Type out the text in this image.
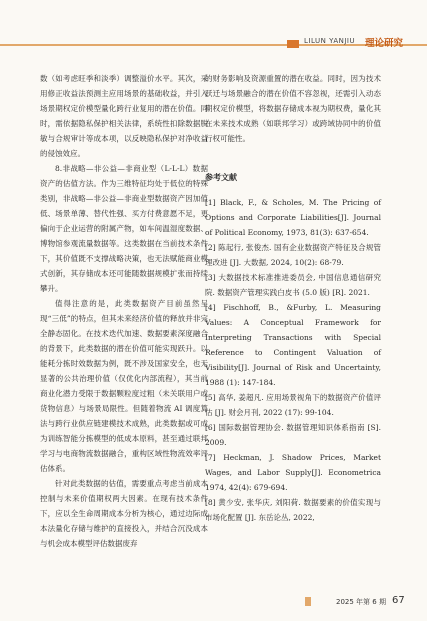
LILUN YANJIU 理论研究

数（如考虑旺季和淡季）调整溢价水平。其次，采用修正收益法预测主应用场景的基础收益，并引入场景期权定价模型量化跨行业复用的潜在价值。同时，需依据隐私保护相关法律，系统性扣除数据脱敏与合规审计等成本项，以反映隐私保护对净收益的侵蚀效应。

8.非战略—非公益—非商业型（L-L-L）数据资产的估值方法。作为三维特征均处于低位的特殊类别，非战略—非公益—非商业型数据资产因加值低、场景单薄、替代性强、买方付费意愿不足，更偏向于企业运营的附属产物，如车间温湿度数据、博物馆参观流量数据等。这类数据在当前技术条件下，其价值既不支撑战略决策，也无法赋能商业模式创新，其存储成本还可能随数据规模扩张而持续攀升。

值得注意的是，此类数据资产目前虽然呈现“三低”的特点，但其未来经济价值的释放并非完全静态固化。在技术迭代加速、数据要素深度融合的背景下，此类数据的潜在价值可能实现跃升。以能耗分拣时效数据为例，既不涉及国家安全，也无显著的公共治理价值（仅优化内部流程），其当前商业化潜力受限于数据颗粒度过粗（未关联用户或货物信息）与场景局限性。但随着物流 AI 调度算法与跨行业供应链建模技术成熟，此类数据或可成为训练智能分拣模型的低成本原料，甚至通过联邦学习与电商物流数据融合，重构区域性物流效率评估体系。

针对此类数据的估值，需要重点考虑当前成本控制与未来价值期权两大因素。在现有技术条件下，应以全生命周期成本分析为核心，通过边际成本法量化存储与维护的直接投入，并结合沉没成本与机会成本模型评估数据废弃

的财务影响及资源重置的潜在收益。同时，因为技术跃迁与场景融合的潜在价值不容忽视，还需引入动态期权定价模型，将数据存储成本视为期权费，量化其在未来技术成熟（如联邦学习）或跨域协同中的价值行权可能性。

参考文献

[1] Black, F., & Scholes, M. The Pricing of Options and Corporate Liabilities[J]. Journal of Political Economy, 1973, 81(3): 637-654.

[2] 陈起行, 张俊杰. 国有企业数据资产特征及合规管理改进 [J]. 大数据, 2024, 10(2): 68-79.

[3] 大数据技术标准推进委员会, 中国信息通信研究院. 数据资产管理实践白皮书 (5.0 版) [R]. 2021.

[4] Fischhoff, B., &Furby, L. Measuring Values: A Conceptual Framework for Interpreting Transactions with Special Reference to Contingent Valuation of Visibility[J]. Journal of Risk and Uncertainty, 1988 (1): 147-184.

[5] 高华, 姜超凡. 应用场景视角下的数据资产价值评估 [J]. 财会月刊, 2022 (17): 99-104.

[6] 国际数据管理协会. 数据管理知识体系指南 [S]. 2009.

[7] Heckman, J. Shadow Prices, Market Wages, and Labor Supply[J]. Econometrica 1974, 42(4): 679-694.

[8] 黄少安, 张华庆, 刘阳荷. 数据要素的价值实现与市场化配置 [J]. 东岳论丛, 2022,

2025 年第 6 期 67
